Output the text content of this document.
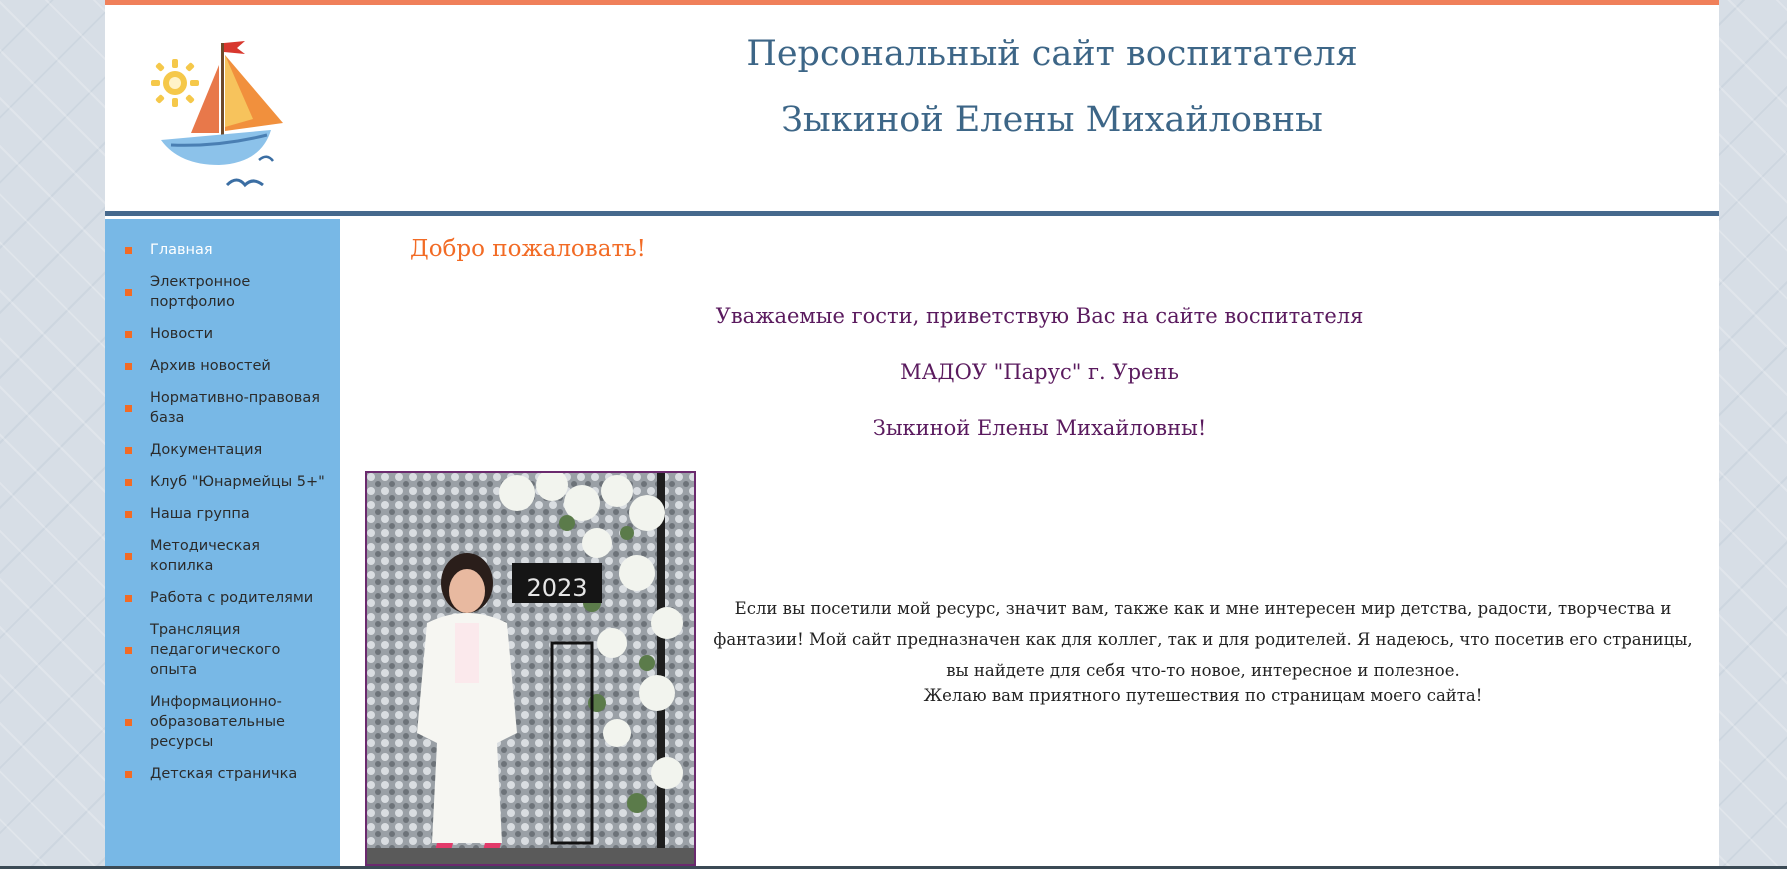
Персональный сайт воспитателя
Зыкиной Елены Михайловны
Главная
Электронное портфолио
Новости
Архив новостей
Нормативно-правовая база
Документация
Клуб "Юнармейцы 5+"
Наша группа
Методическая копилка
Работа с родителями
Трансляция педагогического опыта
Информационно-образовательные ресурсы
Детская страничка
Добро пожаловать!
Уважаемые гости, приветствую Вас на сайте воспитателя
МАДОУ "Парус" г. Урень
Зыкиной Елены Михайловны!
2023
Если вы посетили мой ресурс, значит вам, также как и мне интересен мир детства, радости, творчества и фантазии! Мой сайт предназначен как для коллег, так и для родителей. Я надеюсь, что посетив его страницы, вы найдете для себя что-то новое, интересное и полезное.
Желаю вам приятного путешествия по страницам моего сайта!
